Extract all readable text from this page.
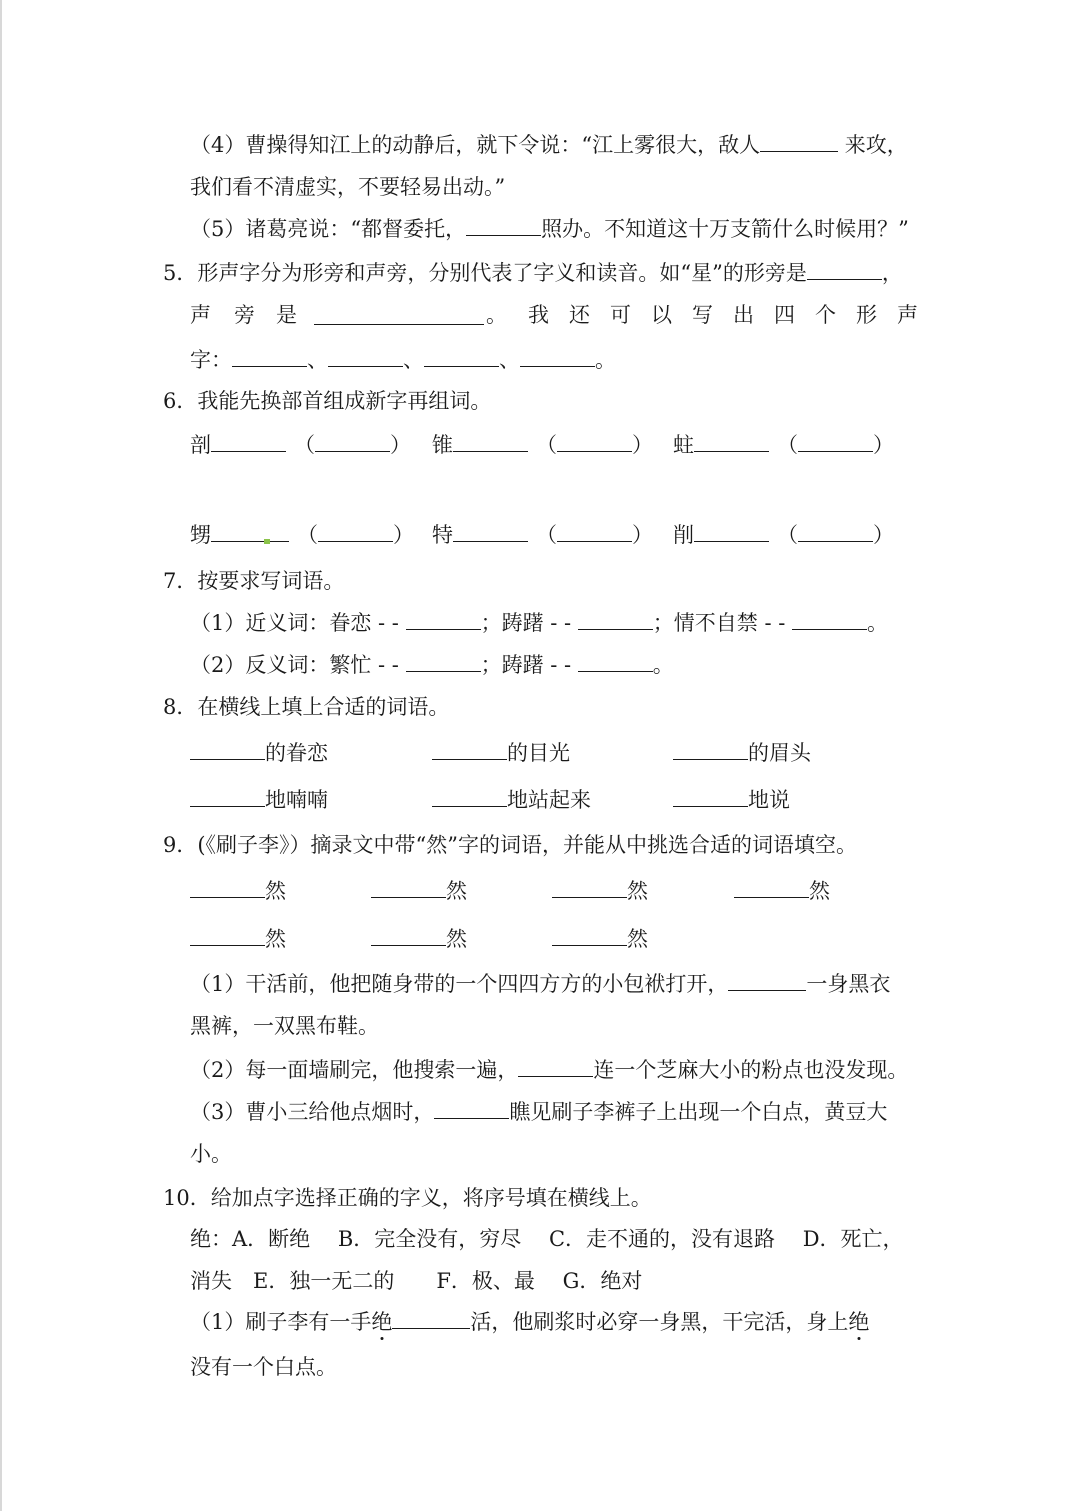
（4）曹操得知江上的动静后，就下令说：“江上雾很大，敌人	来攻，
我们看不清虚实，不要轻易出动。”
（5）诸葛亮说：“都督委托，	照办。不知道这十万支箭什么时候用？”
5．形声字分为形旁和声旁，分别代表了字义和读音。如“星”的形旁是	，
声 旁 是	。 我 还 可 以 写 出 四 个 形 声
字：	、	、	、	。
6．我能先换部首组成新字再组词。
剖	（	） 锥	（	） 蛀	（	）
甥	（	） 特	（	） 削	（	）
7．按要求写词语。
（1）近义词：眷恋 - -	；踌躇 - -	；情不自禁 - -	。
（2）反义词：繁忙 - -	；踌躇 - -	。
8．在横线上填上合适的词语。
的眷恋	的目光	的眉头
地喃喃	地站起来	地说
9．(《刷子李》）摘录文中带“然”字的词语，并能从中挑选合适的词语填空。
然	然	然	然
然	然	然
（1）干活前，他把随身带的一个四四方方的小包袱打开，	一身黑衣
黑裤，一双黑布鞋。
（2）每一面墙刷完，他搜索一遍，	连一个芝麻大小的粉点也没发现。
（3）曹小三给他点烟时，	瞧见刷子李裤子上出现一个白点，黄豆大
小。
10．给加点字选择正确的字义，将序号填在横线上。
绝：A．断绝　 B．完全没有，穷尽　 C．走不通的，没有退路　 D．死亡，
消失　E．独一无二的　　F．极、最　 G．绝对
（1）刷子李有一手绝	活，他刷浆时必穿一身黑，干完活，身上绝
没有一个白点。
